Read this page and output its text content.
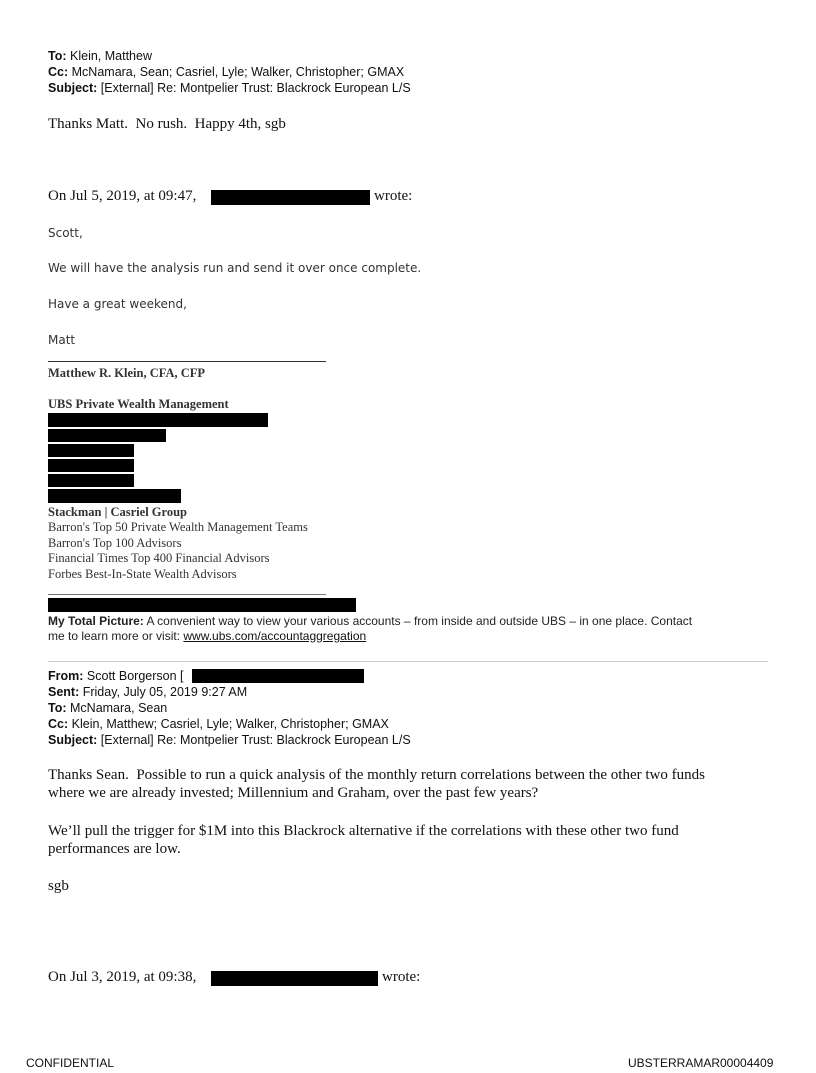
To: Klein, Matthew
Cc: McNamara, Sean; Casriel, Lyle; Walker, Christopher; GMAX
Subject: [External] Re: Montpelier Trust: Blackrock European L/S
Thanks Matt.  No rush.  Happy 4th, sgb
On Jul 5, 2019, at 09:47,	wrote:
Scott,
We will have the analysis run and send it over once complete.
Have a great weekend,
Matt
Matthew R. Klein, CFA, CFP
UBS Private Wealth Management
Stackman | Casriel Group
Barron's Top 50 Private Wealth Management Teams
Barron's Top 100 Advisors
Financial Times Top 400 Financial Advisors
Forbes Best-In-State Wealth Advisors
My Total Picture: A convenient way to view your various accounts – from inside and outside UBS – in one place. Contact
me to learn more or visit: www.ubs.com/accountaggregation
From: Scott Borgerson [
Sent: Friday, July 05, 2019 9:27 AM
To: McNamara, Sean
Cc: Klein, Matthew; Casriel, Lyle; Walker, Christopher; GMAX
Subject: [External] Re: Montpelier Trust: Blackrock European L/S
Thanks Sean.  Possible to run a quick analysis of the monthly return correlations between the other two funds
where we are already invested; Millennium and Graham, over the past few years?
We’ll pull the trigger for $1M into this Blackrock alternative if the correlations with these other two fund
performances are low.
sgb
On Jul 3, 2019, at 09:38,	wrote:
CONFIDENTIAL	UBSTERRAMAR00004409
